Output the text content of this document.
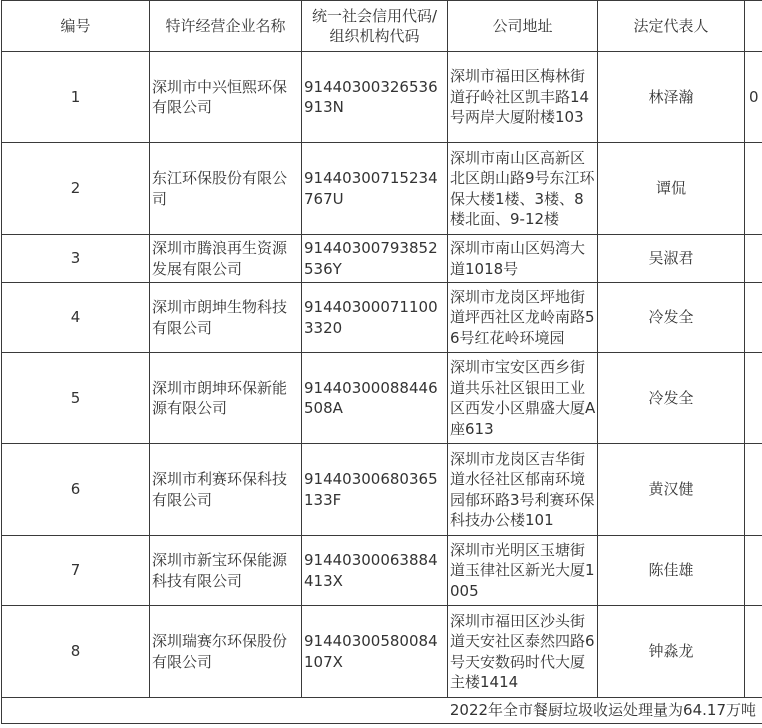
编号	特许经营企业名称	统一社会信用代码/
组织机构代码	公司地址	法定代表人	
1	深圳市中兴恒熙环保有限公司	91440300326536913N	深圳市福田区梅林街道孖岭社区凯丰路14号两岸大厦附楼103	林泽瀚	0
2	东江环保股份有限公司	91440300715234767U	深圳市南山区高新区北区朗山路9号东江环保大楼1楼、3楼、8楼北面、9-12楼	谭侃	
3	深圳市腾浪再生资源发展有限公司	91440300793852536Y	深圳市南山区妈湾大道1018号	吴淑君	
4	深圳市朗坤生物科技有限公司	914403000711003320	深圳市龙岗区坪地街道坪西社区龙岭南路56号红花岭环境园	冷发全	
5	深圳市朗坤环保新能源有限公司	91440300088446508A	深圳市宝安区西乡街道共乐社区银田工业区西发小区鼎盛大厦A座613	冷发全	
6	深圳市利赛环保科技有限公司	91440300680365133F	深圳市龙岗区吉华街道水径社区郁南环境园郁环路3号利赛环保科技办公楼101	黄汉健	
7	深圳市新宝环保能源科技有限公司	91440300063884413X	深圳市光明区玉塘街道玉律社区新光大厦1005	陈佳雄	
8	深圳瑞赛尔环保股份有限公司	91440300580084107X	深圳市福田区沙头街道天安社区泰然四路6号天安数码时代大厦主楼1414	钟淼龙	
2022年全市餐厨垃圾收运处理量为64.17万吨					
